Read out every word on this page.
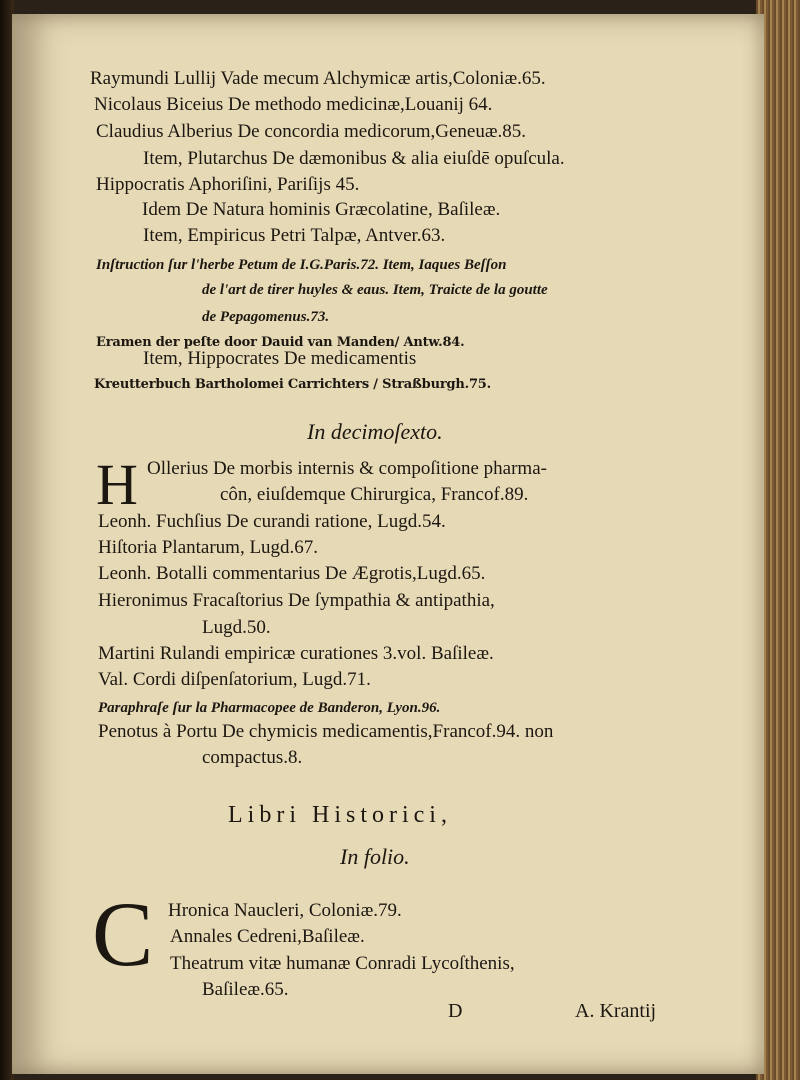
Raymundi Lullij Vade mecum Alchymicæ artis,Coloniæ.65.
Nicolaus Biceius De methodo medicinæ,Louanij 64.
Claudius Alberius De concordia medicorum,Geneuæ.85.
Item, Plutarchus De dæmonibus & alia eiuſdē opuſcula.
Hippocratis Aphoriſini, Pariſijs 45.
Idem De Natura hominis Græcolatine, Baſileæ.
Item, Empiricus Petri Talpæ, Antver.63.
Inſtruction ſur l'herbe Petum de I.G.Paris.72. Item, Iaques Beſſon
de l'art de tirer huyles & eaus. Item, Traicte de la goutte
de Pepagomenus.73.
Eramen der peſte door Dauid van Manden/ Antw.84.
Item, Hippocrates De medicamentis
Kreutterbuch Bartholomei Carrichters / Straßburgh.75.
In decimoſexto.
H Ollerius De morbis internis & compoſitione pharma-
côn, eiuſdemque Chirurgica, Francof.89.
Leonh. Fuchſius De curandi ratione, Lugd.54.
Hiſtoria Plantarum, Lugd.67.
Leonh. Botalli commentarius De Ægrotis,Lugd.65.
Hieronimus Fracaſtorius De ſympathia & antipathia,
Lugd.50.
Martini Rulandi empiricæ curationes 3.vol. Baſileæ.
Val. Cordi diſpenſatorium, Lugd.71.
Paraphraſe ſur la Pharmacopee de Banderon, Lyon.96.
Penotus à Portu De chymicis medicamentis,Francof.94. non
compactus.8.
Libri Historici,
In folio.
C Hronica Naucleri, Coloniæ.79.
Annales Cedreni,Baſileæ.
Theatrum vitæ humanæ Conradi Lycoſthenis,
Baſileæ.65.
D	A. Krantij
